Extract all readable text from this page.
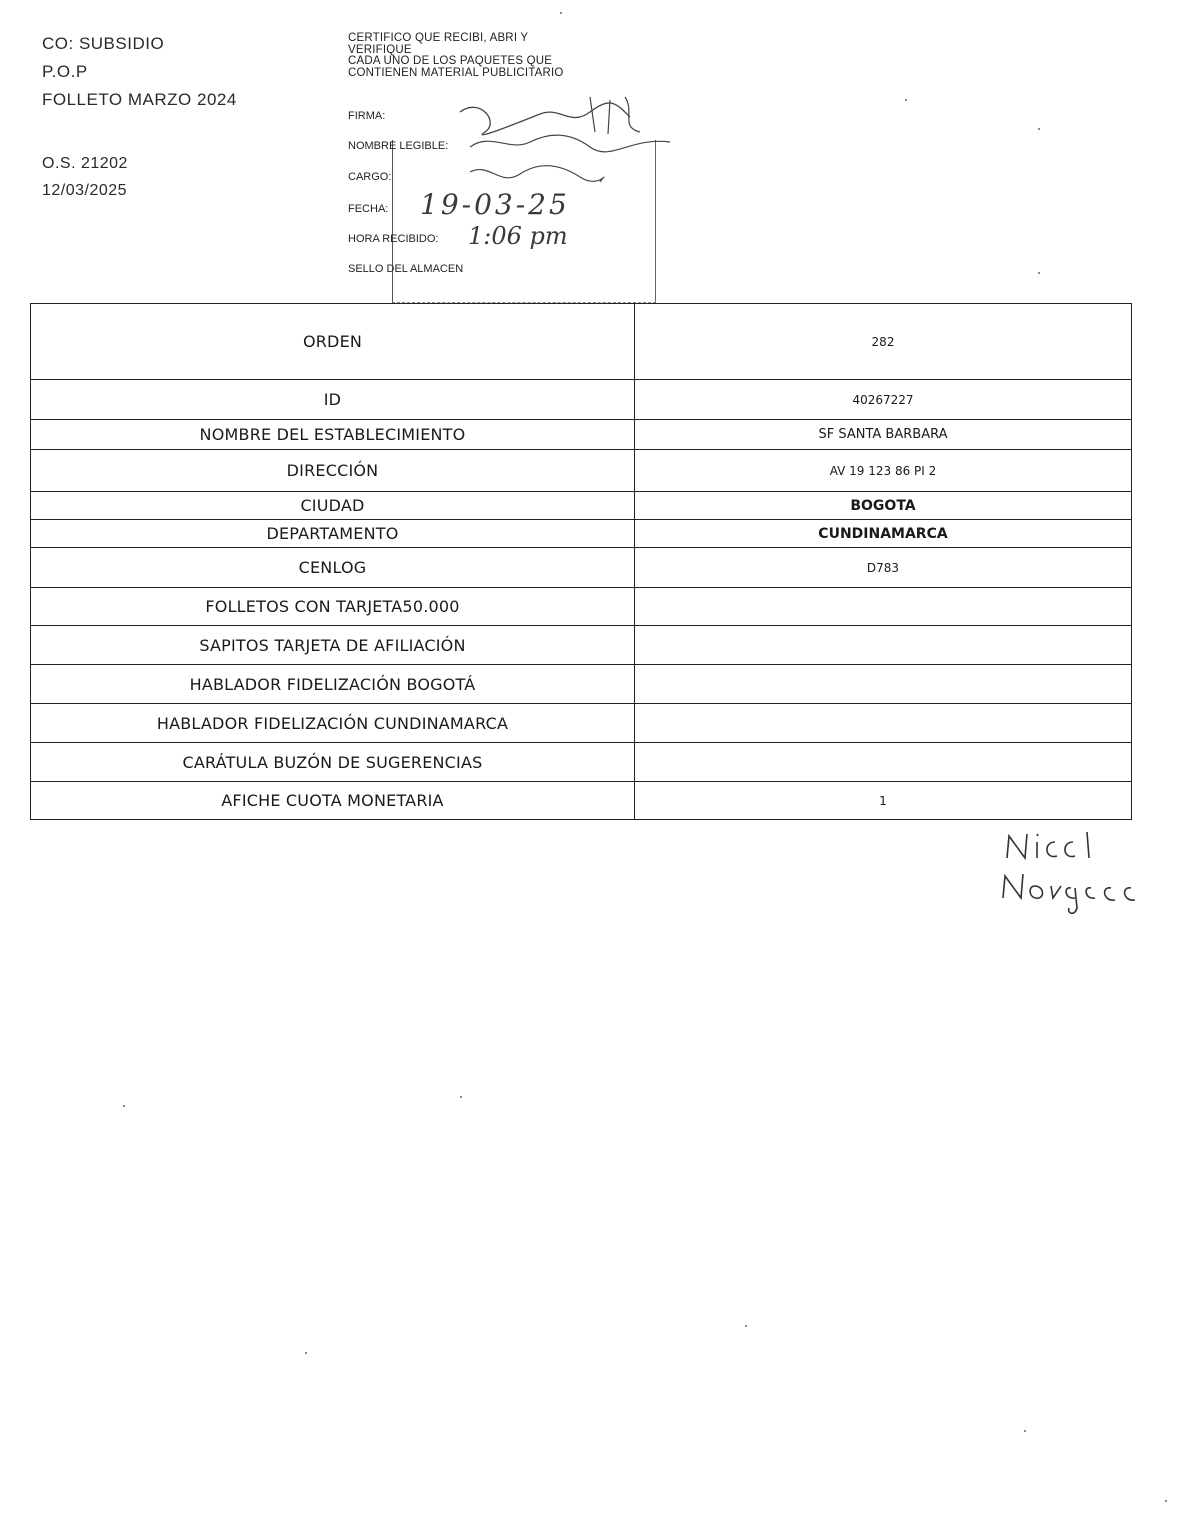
CO: SUBSIDIO
P.O.P
FOLLETO MARZO 2024
O.S. 21202
12/03/2025
CERTIFICO QUE RECIBI, ABRI Y
VERIFIQUE
CADA UNO DE LOS PAQUETES QUE
CONTIENEN MATERIAL PUBLICITARIO
FIRMA:
NOMBRE LEGIBLE:
CARGO:
FECHA:
HORA RECIBIDO:
SELLO DEL ALMACEN
19-03-25
1:06 pm
ORDEN	282
ID	40267227
NOMBRE DEL ESTABLECIMIENTO	SF SANTA BARBARA
DIRECCIÓN	AV 19 123 86 PI 2
CIUDAD	BOGOTA
DEPARTAMENTO	CUNDINAMARCA
CENLOG	D783
FOLLETOS CON TARJETA50.000	
SAPITOS TARJETA DE AFILIACIÓN	
HABLADOR FIDELIZACIÓN BOGOTÁ	
HABLADOR FIDELIZACIÓN CUNDINAMARCA	
CARÁTULA BUZÓN DE SUGERENCIAS	
AFICHE CUOTA MONETARIA	1
